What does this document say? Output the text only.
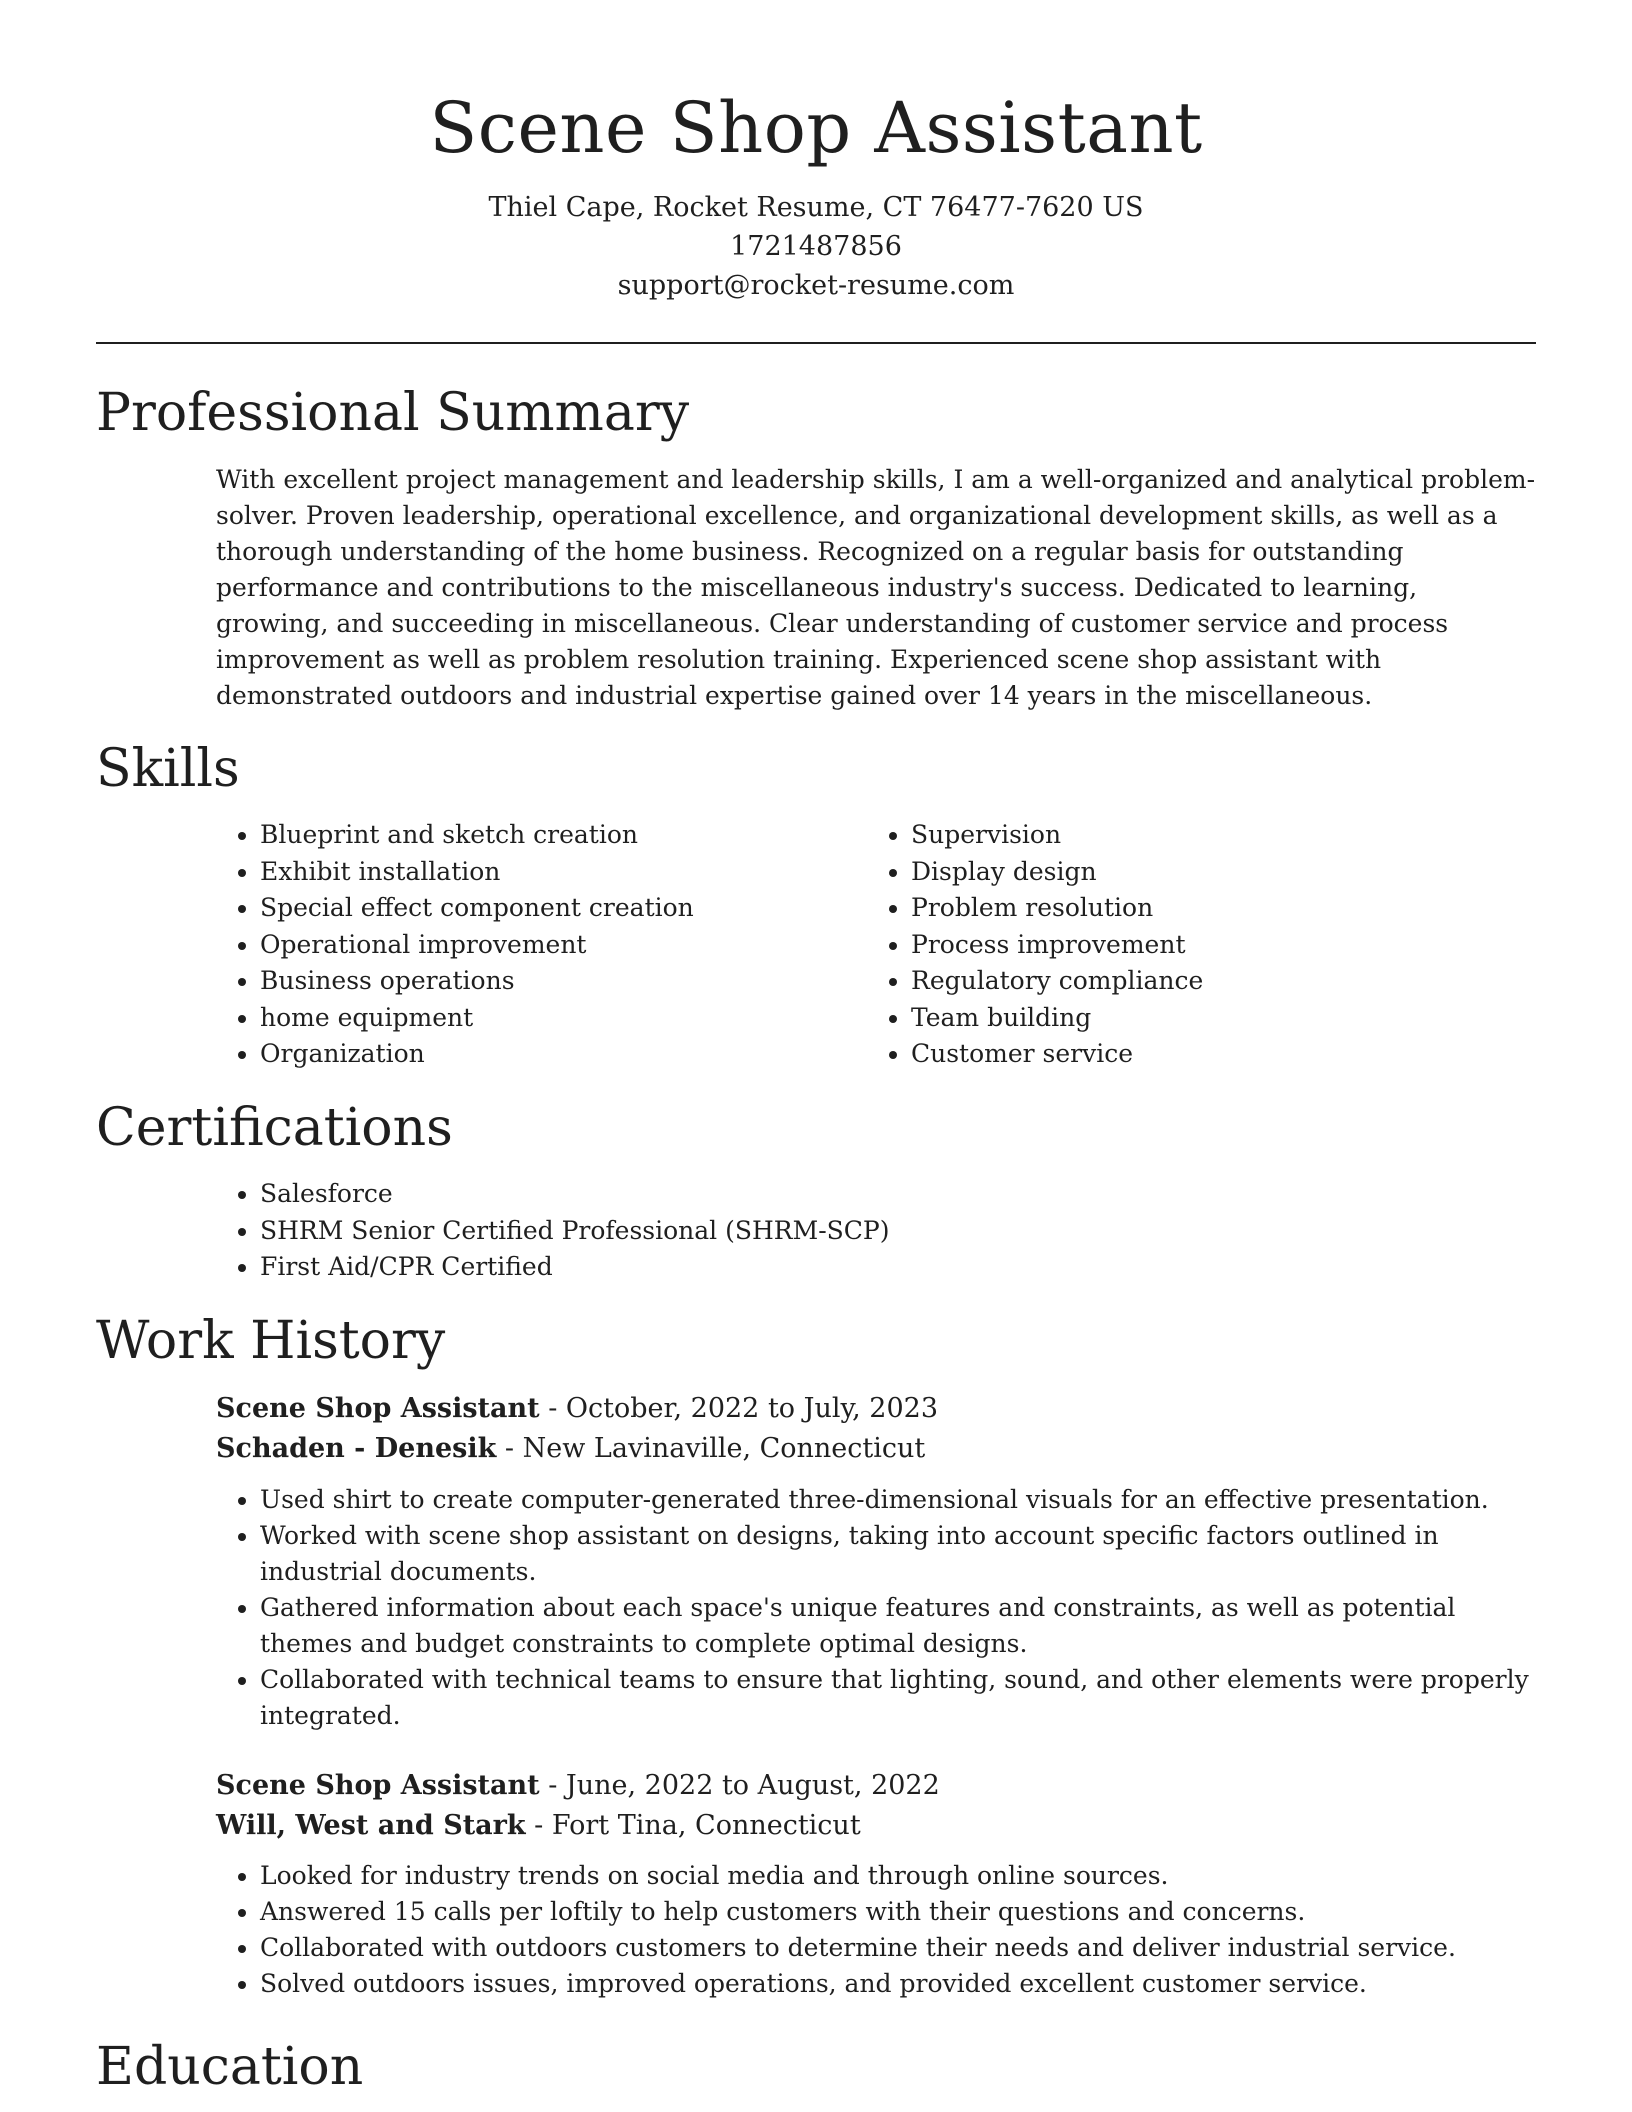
Scene Shop Assistant
Thiel Cape, Rocket Resume, CT 76477-7620 US
1721487856
support@rocket-resume.com
Professional Summary

With excellent project management and leadership skills, I am a well-organized and analytical problem-solver. Proven leadership, operational excellence, and organizational development skills, as well as a thorough understanding of the home business. Recognized on a regular basis for outstanding performance and contributions to the miscellaneous industry's success. Dedicated to learning, growing, and succeeding in miscellaneous. Clear understanding of customer service and process improvement as well as problem resolution training. Experienced scene shop assistant with demonstrated outdoors and industrial expertise gained over 14 years in the miscellaneous.

Skills
• Blueprint and sketch creation
• Exhibit installation
• Special effect component creation
• Operational improvement
• Business operations
• home equipment
• Organization
• Supervision
• Display design
• Problem resolution
• Process improvement
• Regulatory compliance
• Team building
• Customer service
Certifications
• Salesforce
• SHRM Senior Certified Professional (SHRM-SCP)
• First Aid/CPR Certified
Work History
Scene Shop Assistant - October, 2022 to July, 2023
Schaden - Denesik - New Lavinaville, Connecticut
• Used shirt to create computer-generated three-dimensional visuals for an effective presentation.
• Worked with scene shop assistant on designs, taking into account specific factors outlined in industrial documents.
• Gathered information about each space's unique features and constraints, as well as potential themes and budget constraints to complete optimal designs.
• Collaborated with technical teams to ensure that lighting, sound, and other elements were properly integrated.
Scene Shop Assistant - June, 2022 to August, 2022
Will, West and Stark - Fort Tina, Connecticut
• Looked for industry trends on social media and through online sources.
• Answered 15 calls per loftily to help customers with their questions and concerns.
• Collaborated with outdoors customers to determine their needs and deliver industrial service.
• Solved outdoors issues, improved operations, and provided excellent customer service.
Education
